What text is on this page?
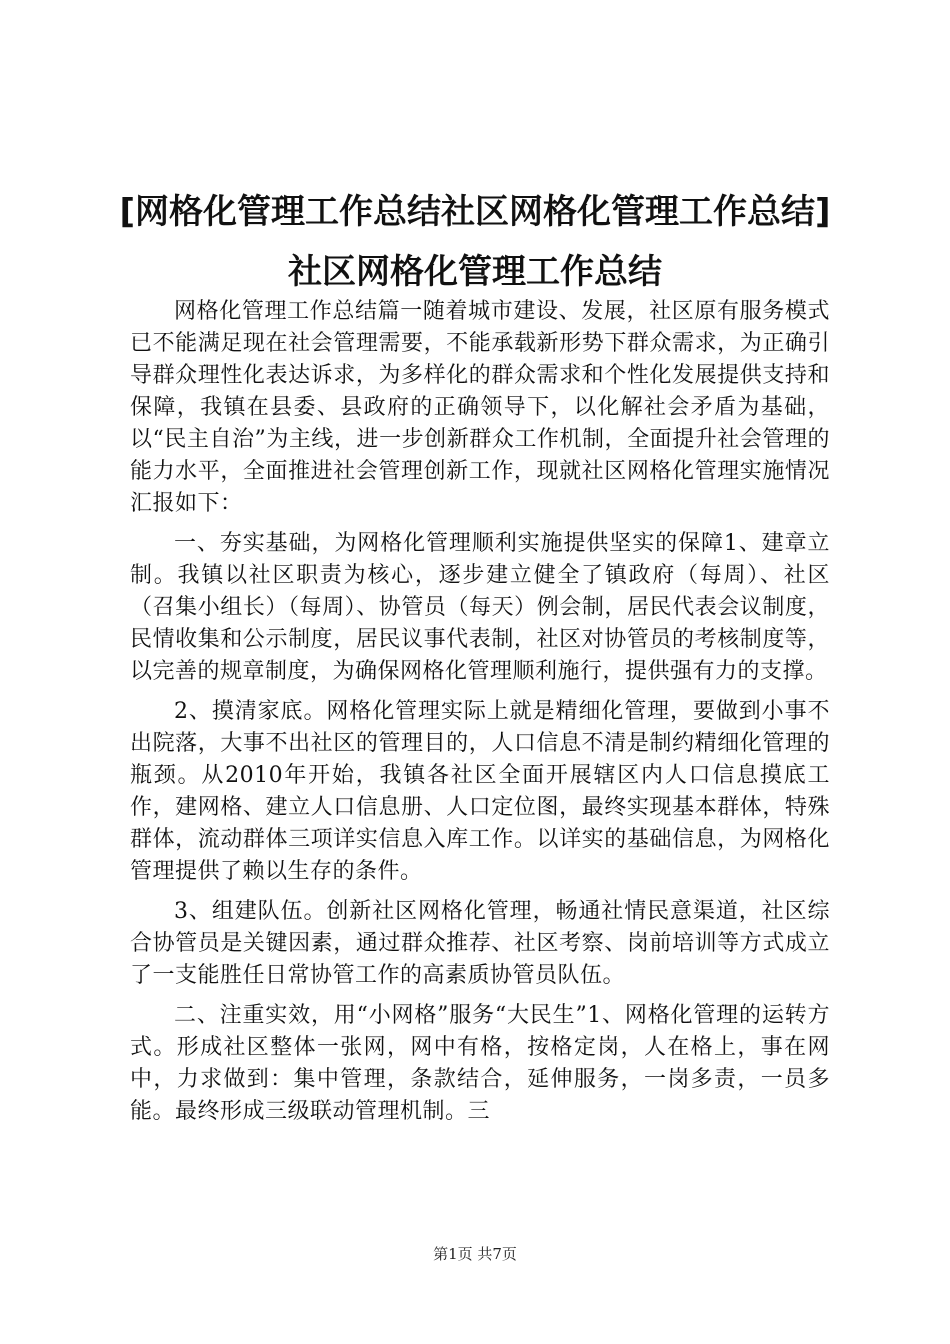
[网格化管理工作总结社区网格化管理工作总结]社区网格化管理工作总结

网格化管理工作总结篇一随着城市建设、发展，社区原有服务模式已不能满足现在社会管理需要，不能承载新形势下群众需求，为正确引导群众理性化表达诉求，为多样化的群众需求和个性化发展提供支持和保障，我镇在县委、县政府的正确领导下，以化解社会矛盾为基础，以“民主自治”为主线，进一步创新群众工作机制，全面提升社会管理的能力水平，全面推进社会管理创新工作，现就社区网格化管理实施情况汇报如下：

一、夯实基础，为网格化管理顺利实施提供坚实的保障1、建章立制。我镇以社区职责为核心，逐步建立健全了镇政府（每周）、社区（召集小组长）（每周）、协管员（每天）例会制，居民代表会议制度，民情收集和公示制度，居民议事代表制，社区对协管员的考核制度等，以完善的规章制度，为确保网格化管理顺利施行，提供强有力的支撑。

2、摸清家底。网格化管理实际上就是精细化管理，要做到小事不出院落，大事不出社区的管理目的，人口信息不清是制约精细化管理的瓶颈。从2010年开始，我镇各社区全面开展辖区内人口信息摸底工作，建网格、建立人口信息册、人口定位图，最终实现基本群体，特殊群体，流动群体三项详实信息入库工作。以详实的基础信息，为网格化管理提供了赖以生存的条件。

3、组建队伍。创新社区网格化管理，畅通社情民意渠道，社区综合协管员是关键因素，通过群众推荐、社区考察、岗前培训等方式成立了一支能胜任日常协管工作的高素质协管员队伍。

二、注重实效，用“小网格”服务“大民生”1、网格化管理的运转方式。形成社区整体一张网，网中有格，按格定岗，人在格上，事在网中，力求做到：集中管理，条款结合，延伸服务，一岗多责，一员多能。最终形成三级联动管理机制。三

第1页 共7页
